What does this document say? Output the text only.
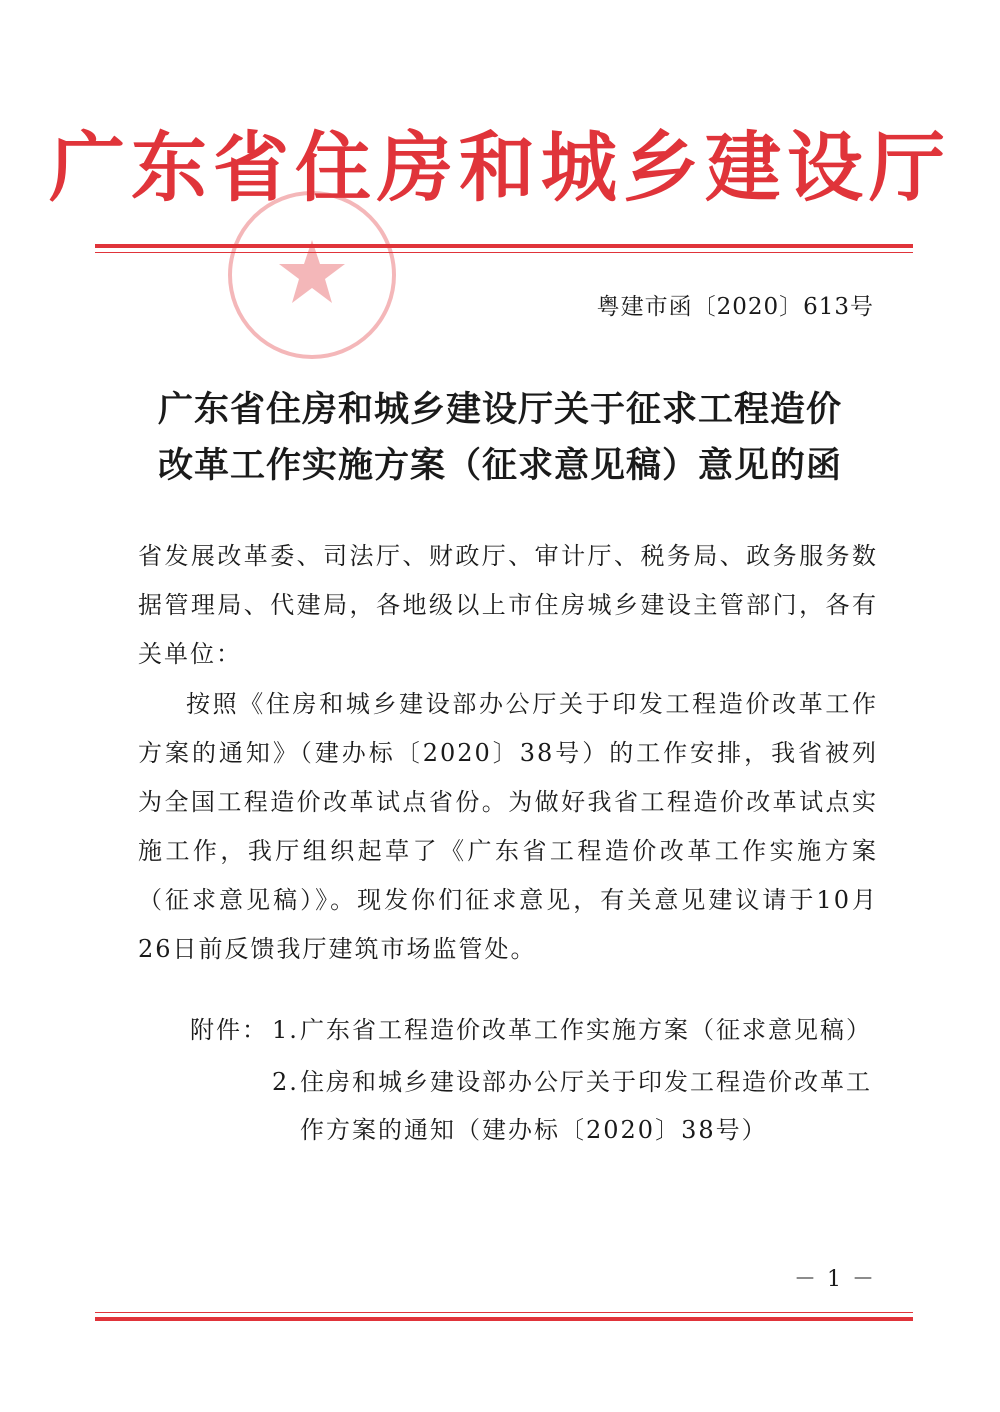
广东省住房和城乡建设厅
粤建市函〔2020〕613号
广东省住房和城乡建设厅关于征求工程造价
改革工作实施方案（征求意见稿）意见的函
省发展改革委、司法厅、财政厅、审计厅、税务局、政务服务数据管理局、代建局，各地级以上市住房城乡建设主管部门，各有关单位：
按照《住房和城乡建设部办公厅关于印发工程造价改革工作方案的通知》（建办标〔2020〕38号）的工作安排，我省被列为全国工程造价改革试点省份。为做好我省工程造价改革试点实施工作，我厅组织起草了《广东省工程造价改革工作实施方案（征求意见稿）》。现发你们征求意见，有关意见建议请于10月26日前反馈我厅建筑市场监管处。
附件： 1. 广东省工程造价改革工作实施方案（征求意见稿）
2. 住房和城乡建设部办公厅关于印发工程造价改革工作方案的通知（建办标〔2020〕38号）
－ 1 －
